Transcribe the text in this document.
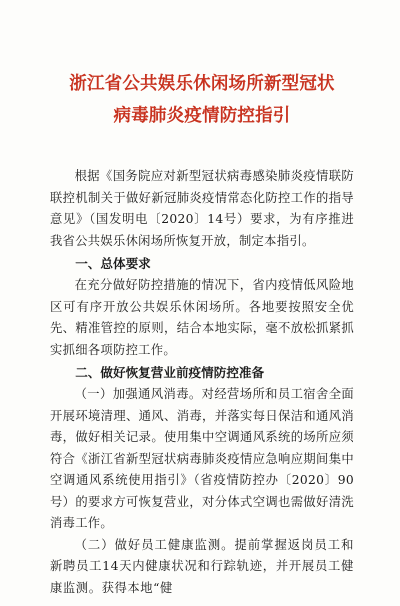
浙江省公共娱乐休闲场所新型冠状
病毒肺炎疫情防控指引

根据《国务院应对新型冠状病毒感染肺炎疫情联防联控机制关于做好新冠肺炎疫情常态化防控工作的指导意见》（国发明电〔2020〕14号）要求，为有序推进我省公共娱乐休闲场所恢复开放，制定本指引。

一、总体要求

在充分做好防控措施的情况下，省内疫情低风险地区可有序开放公共娱乐休闲场所。各地要按照安全优先、精准管控的原则，结合本地实际，毫不放松抓紧抓实抓细各项防控工作。

二、做好恢复营业前疫情防控准备

（一）加强通风消毒。对经营场所和员工宿舍全面开展环境清理、通风、消毒，并落实每日保洁和通风消毒，做好相关记录。使用集中空调通风系统的场所应须符合《浙江省新型冠状病毒肺炎疫情应急响应期间集中空调通风系统使用指引》（省疫情防控办〔2020〕90号）的要求方可恢复营业，对分体式空调也需做好清洗消毒工作。

（二）做好员工健康监测。提前掌握返岗员工和新聘员工14天内健康状况和行踪轨迹，并开展员工健康监测。获得本地“健
